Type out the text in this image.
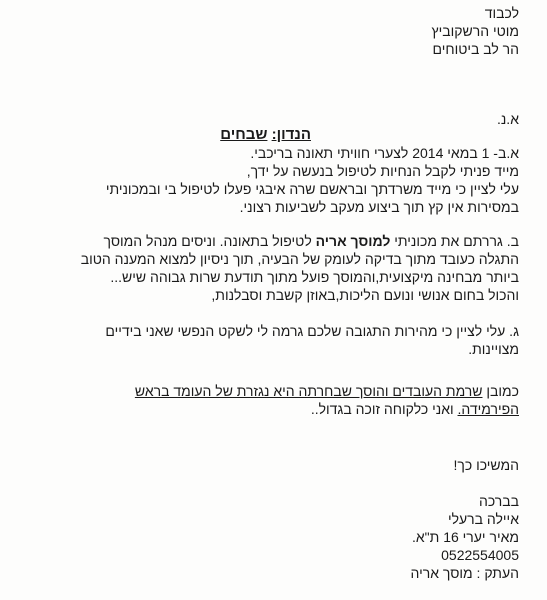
לכבוד
מוטי הרשקוביץ
הר לב ביטוחים
א.נ.
הנדון: שבחים
א.ב- 1 במאי 2014 לצערי חוויתי תאונה בריכבי.
מייד פניתי לקבל הנחיות לטיפול בנעשה על ידך,
עלי לציין כי מייד משרדתך ובראשם שרה איבגי פעלו לטיפול בי ובמכוניתי
במסירות אין קץ תוך ביצוע מעקב לשביעות רצוני.
ב. גררתם את מכוניתי למוסך אריה לטיפול בתאונה. וניסים מנהל המוסך
התגלה כעובד מתוך בדיקה לעומק של הבעיה, תוך ניסיון למצוא המענה הטוב
ביותר מבחינה מיקצועית,והמוסך פועל מתוך תודעת שרות גבוהה שיש...
והכול בחום אנושי ונועם הליכות,באוזן קשבת וסבלנות,
ג. עלי לציין כי מהירות התגובה שלכם גרמה לי לשקט הנפשי שאני בידיים
מצויינות.
כמובן שרמת העובדים והוסך שבחרתה היא נגזרת של העומד בראש
הפירמידה. ואני כלקוחה זוכה בגדול..
המשיכו כך!
בברכה
איילה ברעלי
מאיר יערי 16 ת"א.
0522554005
העתק : מוסך אריה
